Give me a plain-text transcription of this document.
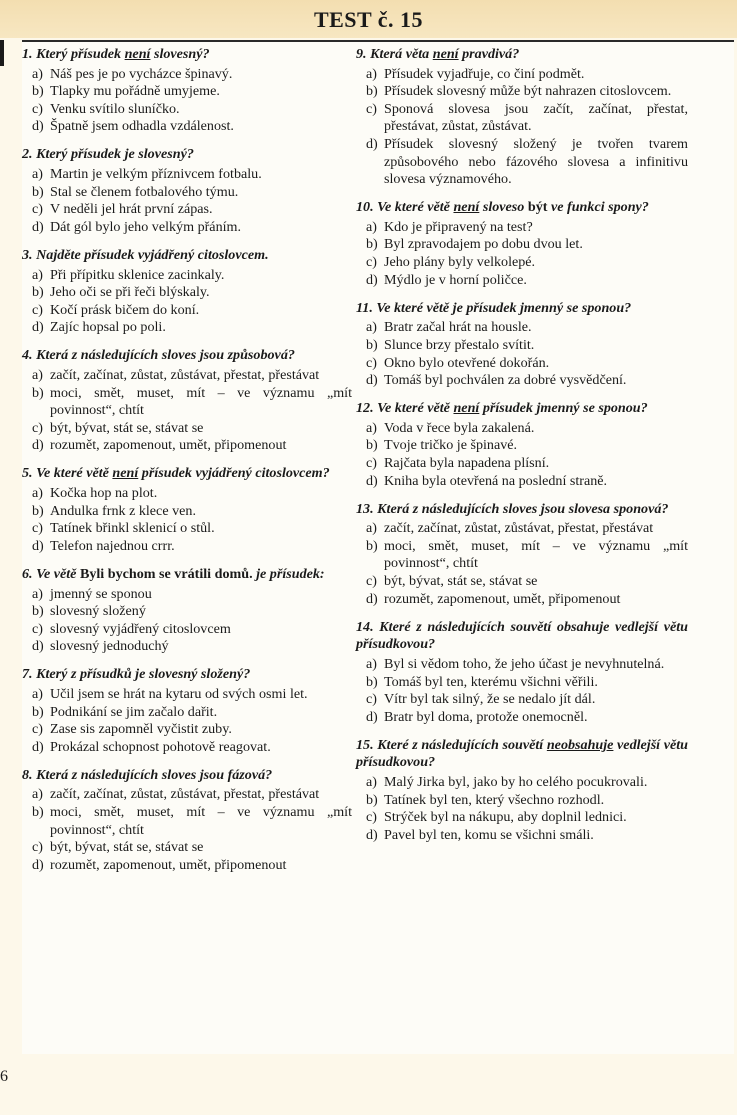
TEST č. 15
1. Který přísudek není slovesný?
a) Náš pes je po vycházce špinavý.
b) Tlapky mu pořádně umyjeme.
c) Venku svítilo sluníčko.
d) Špatně jsem odhadla vzdálenost.
2. Který přísudek je slovesný?
a) Martin je velkým příznivcem fotbalu.
b) Stal se členem fotbalového týmu.
c) V neděli jel hrát první zápas.
d) Dát gól bylo jeho velkým přáním.
3. Najděte přísudek vyjádřený citoslovcem.
a) Při přípitku sklenice zacinkaly.
b) Jeho oči se při řeči blýskaly.
c) Kočí prásk bičem do koní.
d) Zajíc hopsal po poli.
4. Která z následujících sloves jsou způsobová?
a) začít, začínat, zůstat, zůstávat, přestat, přestávat
b) moci, smět, muset, mít – ve významu „mít povinnost“, chtít
c) být, bývat, stát se, stávat se
d) rozumět, zapomenout, umět, připomenout
5. Ve které větě není přísudek vyjádřený citoslovcem?
a) Kočka hop na plot.
b) Andulka frnk z klece ven.
c) Tatínek břinkl sklenicí o stůl.
d) Telefon najednou crrr.
6. Ve větě Byli bychom se vrátili domů. je přísudek:
a) jmenný se sponou
b) slovesný složený
c) slovesný vyjádřený citoslovcem
d) slovesný jednoduchý
7. Který z přísudků je slovesný složený?
a) Učil jsem se hrát na kytaru od svých osmi let.
b) Podnikání se jim začalo dařit.
c) Zase sis zapomněl vyčistit zuby.
d) Prokázal schopnost pohotově reagovat.
8. Která z následujících sloves jsou fázová?
a) začít, začínat, zůstat, zůstávat, přestat, přestávat
b) moci, smět, muset, mít – ve významu „mít povinnost“, chtít
c) být, bývat, stát se, stávat se
d) rozumět, zapomenout, umět, připomenout
9. Která věta není pravdivá?
a) Přísudek vyjadřuje, co činí podmět.
b) Přísudek slovesný může být nahrazen citoslovcem.
c) Sponová slovesa jsou začít, začínat, přestat, přestávat, zůstat, zůstávat.
d) Přísudek slovesný složený je tvořen tvarem způsobového nebo fázového slovesa a infinitivu slovesa významového.
10. Ve které větě není sloveso být ve funkci spony?
a) Kdo je připravený na test?
b) Byl zpravodajem po dobu dvou let.
c) Jeho plány byly velkolepé.
d) Mýdlo je v horní poličce.
11. Ve které větě je přísudek jmenný se sponou?
a) Bratr začal hrát na housle.
b) Slunce brzy přestalo svítit.
c) Okno bylo otevřené dokořán.
d) Tomáš byl pochválen za dobré vysvědčení.
12. Ve které větě není přísudek jmenný se sponou?
a) Voda v řece byla zakalená.
b) Tvoje tričko je špinavé.
c) Rajčata byla napadena plísní.
d) Kniha byla otevřená na poslední straně.
13. Která z následujících sloves jsou slovesa sponová?
a) začít, začínat, zůstat, zůstávat, přestat, přestávat
b) moci, smět, muset, mít – ve významu „mít povinnost“, chtít
c) být, bývat, stát se, stávat se
d) rozumět, zapomenout, umět, připomenout
14. Které z následujících souvětí obsahuje vedlejší větu přísudkovou?
a) Byl si vědom toho, že jeho účast je nevyhnutelná.
b) Tomáš byl ten, kterému všichni věřili.
c) Vítr byl tak silný, že se nedalo jít dál.
d) Bratr byl doma, protože onemocněl.
15. Které z následujících souvětí neobsahuje vedlejší větu přísudkovou?
a) Malý Jirka byl, jako by ho celého pocukrovali.
b) Tatínek byl ten, který všechno rozhodl.
c) Strýček byl na nákupu, aby doplnil lednici.
d) Pavel byl ten, komu se všichni smáli.
6
